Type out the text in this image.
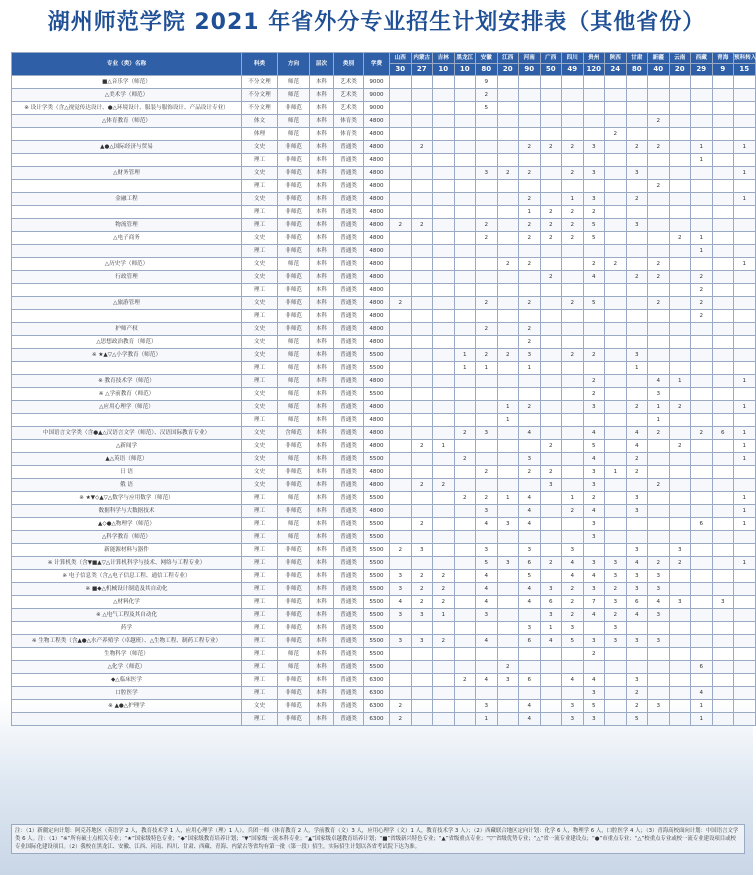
湖州师范学院 2021 年省外分专业招生计划安排表（其他省份）
专业（类）名称	科类	方向	层次	类别	学费	山西	内蒙古	吉林	黑龙江	安徽	江西	河南	广西	四川	贵州	陕西	甘肃	新疆	云南	西藏	青海	预科转入
						30	27	10	10	80	20	90	50	49	120	24	80	40	20	29	9	15
■△音乐学（师范）	不分文理	师范	本科	艺术类	9000					9												
△美术学（师范）	不分文理	师范	本科	艺术类	9000					2												
※ 设计学类（含△视觉传达设计、●△环境设计、服装与服饰设计、产品设计专业）	不分文理	非师范	本科	艺术类	9000					5												
△体育教育（师范）	体文	师范	本科	体育类	4800													2				
	体理	师范	本科	体育类	4800											2						
▲●△国际经济与贸易	文史	非师范	本科	普通类	4800		2					2	2	2	3		2	2		1		1
	理工	非师范	本科	普通类	4800															1		
△财务管理	文史	非师范	本科	普通类	4800					3	2	2		2	3		3					1
	理工	非师范	本科	普通类	4800													2				
金融工程	文史	非师范	本科	普通类	4800							2		1	3		2					1
	理工	非师范	本科	普通类	4800							1	2	2	2							
物流管理	理工	非师范	本科	普通类	4800	2	2			2		2	2	2	5		3					
△电子商务	文史	非师范	本科	普通类	4800					2		2	2	2	5				2	1		
	理工	非师范	本科	普通类	4800															1		
△历史学（师范）	文史	师范	本科	普通类	4800						2	2			2	2		2				1
行政管理	文史	非师范	本科	普通类	4800								2		4		2	2		2		
	理工	非师范	本科	普通类	4800															2		
△旅游管理	文史	非师范	本科	普通类	4800	2				2		2		2	5			2		2		
	理工	非师范	本科	普通类	4800															2		
护师产权	文史	非师范	本科	普通类	4800					2		2										
△思想政治教育（师范）	文史	师范	本科	普通类	4800							2										
※ ★▲▽△小学教育（师范）	文史	师范	本科	普通类	5500				1	2	2	3		2	2		3					
	理工	师范	本科	普通类	5500				1	1		1					1					
※ 教育技术学（师范）	理工	师范	本科	普通类	4800										2			4	1			1
※ △学前教育（师范）	文史	师范	本科	普通类	5500										2			3				
△应用心理学（师范）	文史	师范	本科	普通类	4800						1	2			3		2	1	2			1
	理工	师范	本科	普通类	4800						1							1				
中国语言文学类（含●▲△汉语言文学（师范）、汉语国际教育专业）	文史	含师范	本科	普通类	4800				2	3		4			4		4	2		2	6	1
△新闻学	文史	非师范	本科	普通类	4800		2	1					2		5		4		2			1
▲△英语（师范）	文史	师范	本科	普通类	5500				2			3			4		2					1
日 语	文史	非师范	本科	普通类	4800					2		2	2		3	1	2					
俄 语	文史	非师范	本科	普通类	4800		2	2					3		3			2				
※ ★▼◇▲▽△数学与应用数学（师范）	理工	师范	本科	普通类	5500				2	2	1	4		1	2		3					1
数据科学与大数据技术	理工	非师范	本科	普通类	4800					3		4		2	4		3					1
▲◇●△物理学（师范）	理工	师范	本科	普通类	5500		2			4	3	4			3					6		1
△科学教育（师范）	理工	师范	本科	普通类	5500										3							
新能源材料与器件	理工	非师范	本科	普通类	5500	2	3			3		3		3			3		3			
※ 计算机类（含▼■▲▽△计算机科学与技术、网络与工程专业）	理工	非师范	本科	普通类	5500					5	3	6	2	4	3	3	4	2	2			1
※ 电子信息类（含△电子信息工程、通信工程专业）	理工	非师范	本科	普通类	5500	3	2	2		4		5		4	4	3	3	3				
※ ■◆△机械设计制造及其自动化	理工	非师范	本科	普通类	5500	3	2	2		4		4	3	2	3	2	3	3				
△材料化学	理工	非师范	本科	普通类	5500	4	2	2		4		4	6	2	7	3	6	4	3		3	
※ △电气工程及其自动化	理工	非师范	本科	普通类	5500	3	3	1		3			3	2	4	2	4	3				
药学	理工	非师范	本科	普通类	5500							3	1	3		3						
※ 生物工程类（含▲●△水产养殖学（卓越班）、△生物工程、制药工程专业）	理工	非师范	本科	普通类	5500	3	3	2		4		6	4	5	3	3	3	3				
生物科学（师范）	理工	师范	本科	普通类	5500										2							
△化学（师范）	理工	师范	本科	普通类	5500						2									6		
◆△临床医学	理工	非师范	本科	普通类	6300				2	4	3	6		4	4		3					
口腔医学	理工	非师范	本科	普通类	6300										3		2			4		
※ ▲●△护理学	文史	非师范	本科	普通类	6300	2				3		4		3	5		2	3		1		
	理工	非师范	本科	普通类	6300	2				1		4		3	3		5			1		
注：（1）新疆定向计划：阿克苏地区（英语学 2 人，教育技术学 1 人，应用心理学（理）1 人），兵团一师（体育教育 2 人，学前教育（文）3 人，应用心理学（文）1 人，教育技术学 3 人）；（2）西藏联合地区定向计划：化学 6 人，物理学 6 人，口腔医学 4 人；（3）青海高校面向计划：中国语言文学类 6 人。注：（1）“※”所有硕士点相关专业；“★”国家级特色专业；“◆”国家级教育培养计划；“▼”国家级一流本科专业；“▲”国家级卓越教育培养计划；“■”省级新兴特色专业；“▲”省级重点专业；“▽”省级优势专业；“△”省一流专业建设点；“●”市重点专业；“△”校重点专业或校一流专业建设项目或校专业国际化建设项目。（2）我校在黑龙江、安徽、江西、河南、四川、甘肃、西藏、青海、内蒙古等省均有第一批（第一段）招生，实际招生计划以各省考试院下达为准。
